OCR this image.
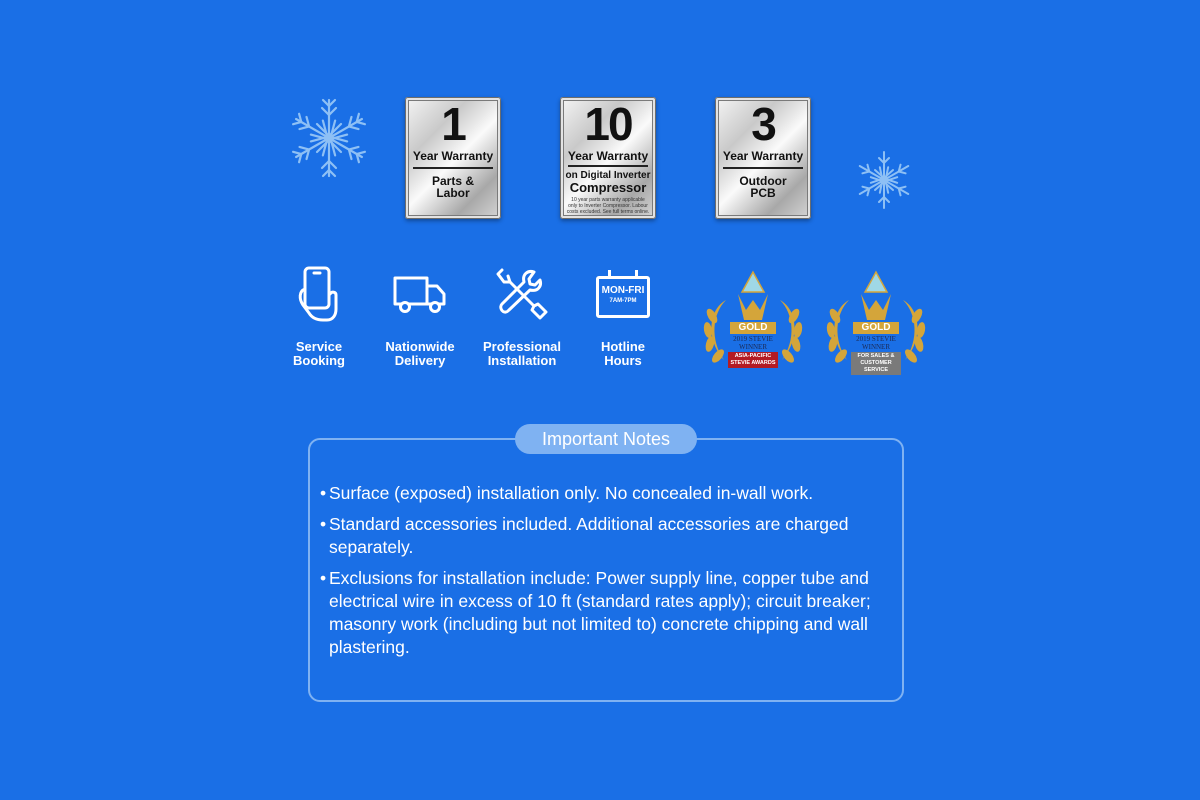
1
Year Warranty
Parts &
Labor
10
Year Warranty
on Digital Inverter
Compressor
10 year parts warranty applicable only to Inverter Compressor. Labour costs excluded. See full terms online.
3
Year Warranty
Outdoor
PCB
Service
Booking
Nationwide
Delivery
Professional
Installation
MON-FRI
7AM-7PM
Hotline
Hours
GOLD
2019 STEVIE WINNER
ASIA-PACIFIC STEVIE AWARDS
GOLD
2019 STEVIE WINNER
FOR SALES & CUSTOMER SERVICE
• Surface (exposed) installation only. No concealed in-wall work.
• Standard accessories included. Additional accessories are charged separately.
• Exclusions for installation include: Power supply line, copper tube and electrical wire in excess of 10 ft (standard rates apply); circuit breaker; masonry work (including but not limited to) concrete chipping and wall plastering.
Important Notes
